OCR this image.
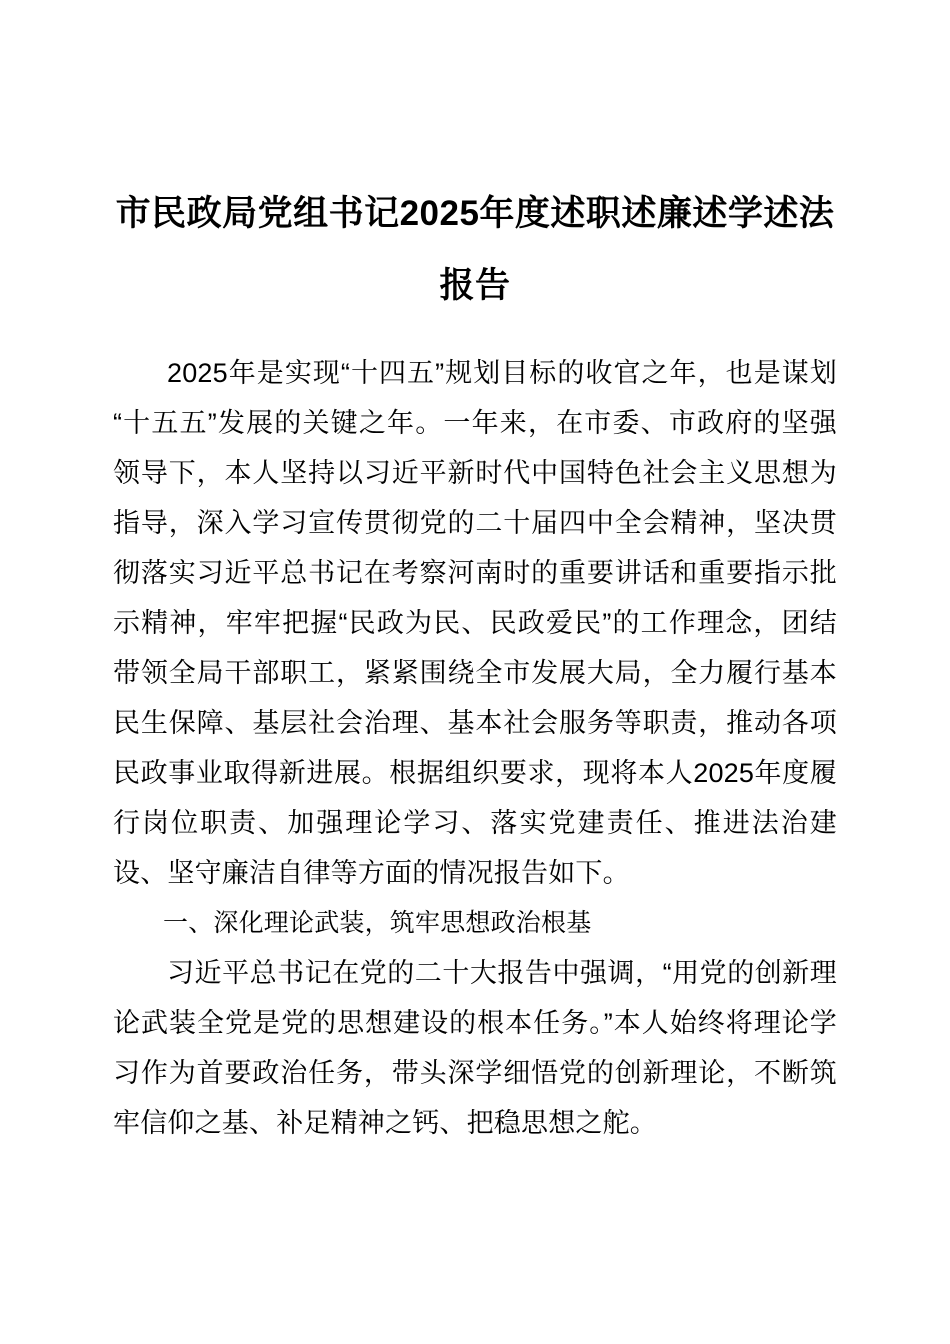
市民政局党组书记2025年度述职述廉述学述法报告

2025年是实现“十四五”规划目标的收官之年，也是谋划“十五五”发展的关键之年。一年来，在市委、市政府的坚强领导下，本人坚持以习近平新时代中国特色社会主义思想为指导，深入学习宣传贯彻党的二十届四中全会精神，坚决贯彻落实习近平总书记在考察河南时的重要讲话和重要指示批示精神，牢牢把握“民政为民、民政爱民”的工作理念，团结带领全局干部职工，紧紧围绕全市发展大局，全力履行基本民生保障、基层社会治理、基本社会服务等职责，推动各项民政事业取得新进展。根据组织要求，现将本人2025年度履行岗位职责、加强理论学习、落实党建责任、推进法治建设、坚守廉洁自律等方面的情况报告如下。

一、深化理论武装，筑牢思想政治根基

习近平总书记在党的二十大报告中强调，“用党的创新理论武装全党是党的思想建设的根本任务。”本人始终将理论学习作为首要政治任务，带头深学细悟党的创新理论，不断筑牢信仰之基、补足精神之钙、把稳思想之舵。
